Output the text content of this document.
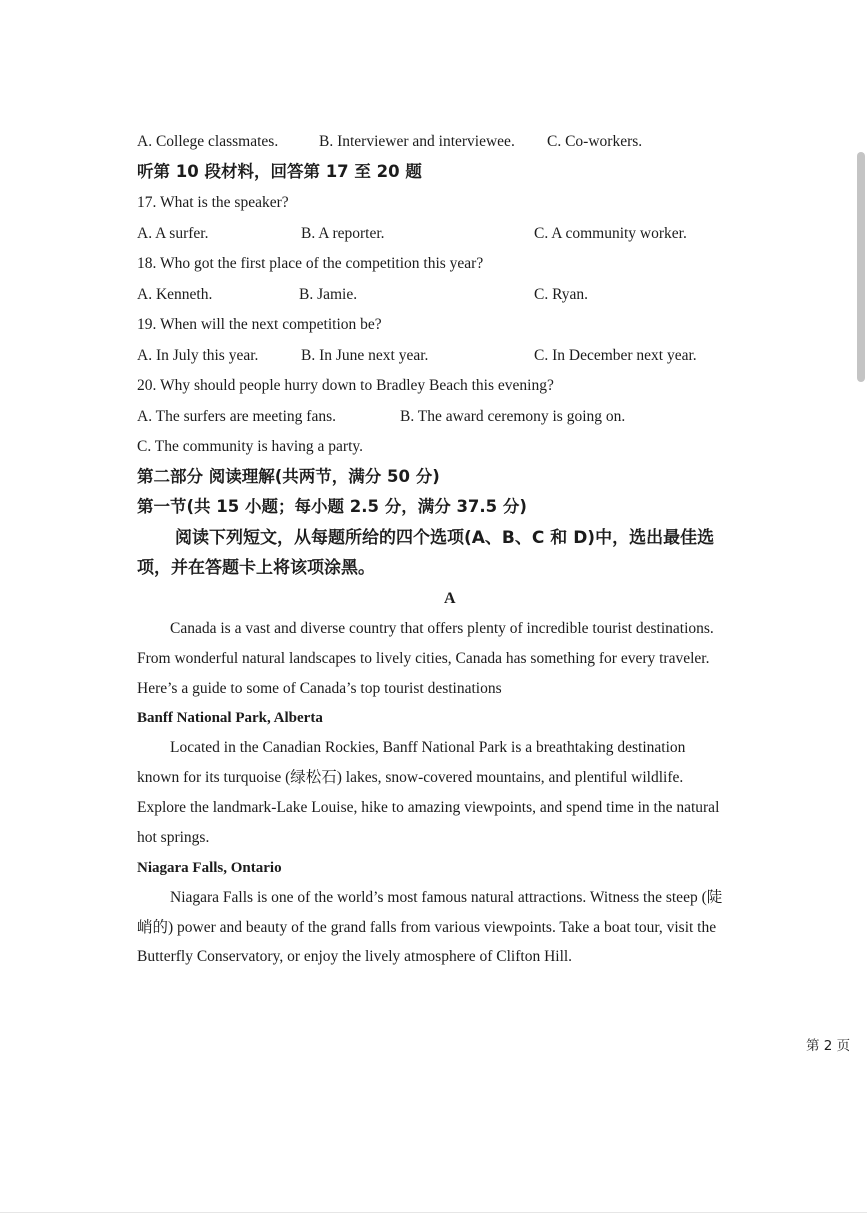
A. College classmates.	B. Interviewer and interviewee. C. Co-workers.
听第 10 段材料，回答第 17 至 20 题
17. What is the speaker?
A. A surfer.	B. A reporter.	C. A community worker.
18. Who got the first place of the competition this year?
A. Kenneth.	B. Jamie.	C. Ryan.
19. When will the next competition be?
A. In July this year.	B. In June next year.	C. In December next year.
20. Why should people hurry down to Bradley Beach this evening?
A. The surfers are meeting fans.	B. The award ceremony is going on.
C. The community is having a party.
第二部分 阅读理解(共两节，满分 50 分)
第一节(共 15 小题；每小题 2.5 分，满分 37.5 分)
阅读下列短文，从每题所给的四个选项(A、B、C 和 D)中，选出最佳选
项，并在答题卡上将该项涂黑。
A
Canada is a vast and diverse country that offers plenty of incredible tourist destinations.
From wonderful natural landscapes to lively cities, Canada has something for every traveler.
Here’s a guide to some of Canada’s top tourist destinations
Banff National Park, Alberta
Located in the Canadian Rockies, Banff National Park is a breathtaking destination
known for its turquoise (绿松石) lakes, snow-covered mountains, and plentiful wildlife.
Explore the landmark-Lake Louise, hike to amazing viewpoints, and spend time in the natural
hot springs.
Niagara Falls, Ontario
Niagara Falls is one of the world’s most famous natural attractions. Witness the steep (陡
峭的) power and beauty of the grand falls from various viewpoints. Take a boat tour, visit the
Butterfly Conservatory, or enjoy the lively atmosphere of Clifton Hill.
第 2 页
